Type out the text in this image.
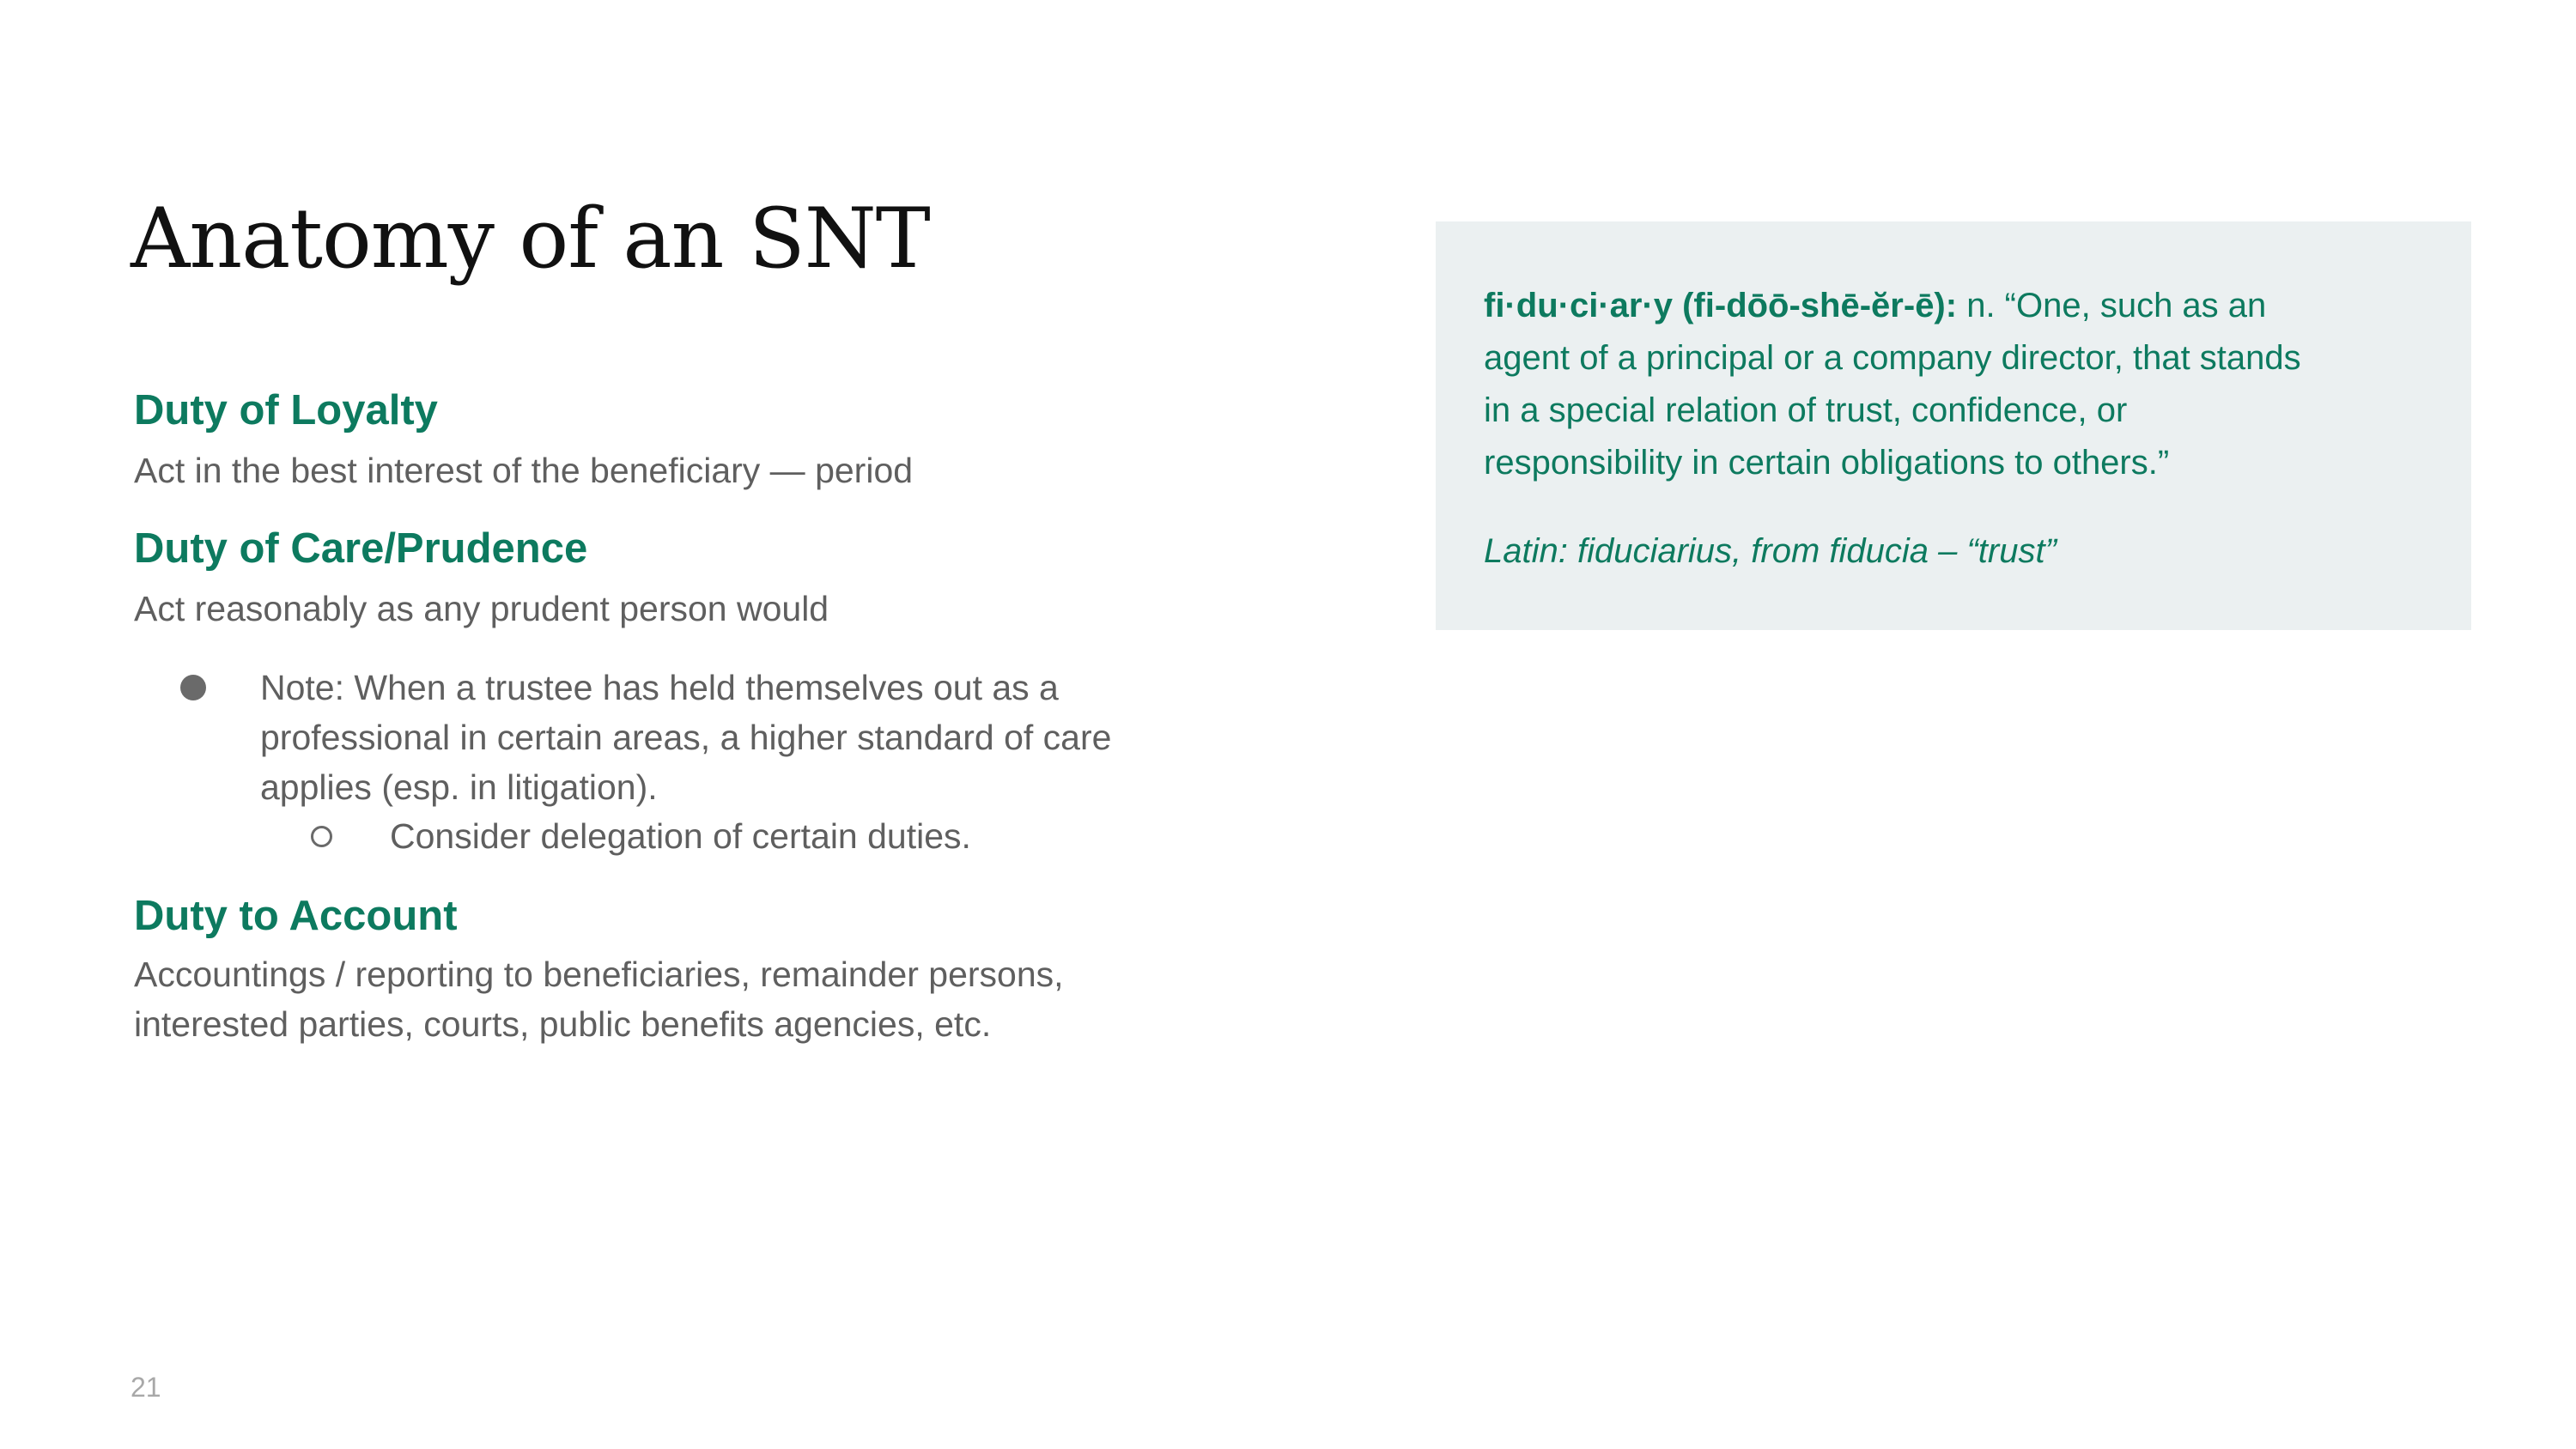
Anatomy of an SNT
Duty of Loyalty

Act in the best interest of the beneficiary — period

Duty of Care/Prudence

Act reasonably as any prudent person would

Note: When a trustee has held themselves out as a
professional in certain areas, a higher standard of care
applies (esp. in litigation).

Consider delegation of certain duties.

Duty to Account

Accountings / reporting to beneficiaries, remainder persons,
interested parties, courts, public benefits agencies, etc.

fi·du·ci·ar·y (fi-dōō-shē-ĕr-ē): n. “One, such as an
agent of a principal or a company director, that stands
in a special relation of trust, confidence, or
responsibility in certain obligations to others.”

Latin: fiduciarius, from fiducia – “trust”

21
